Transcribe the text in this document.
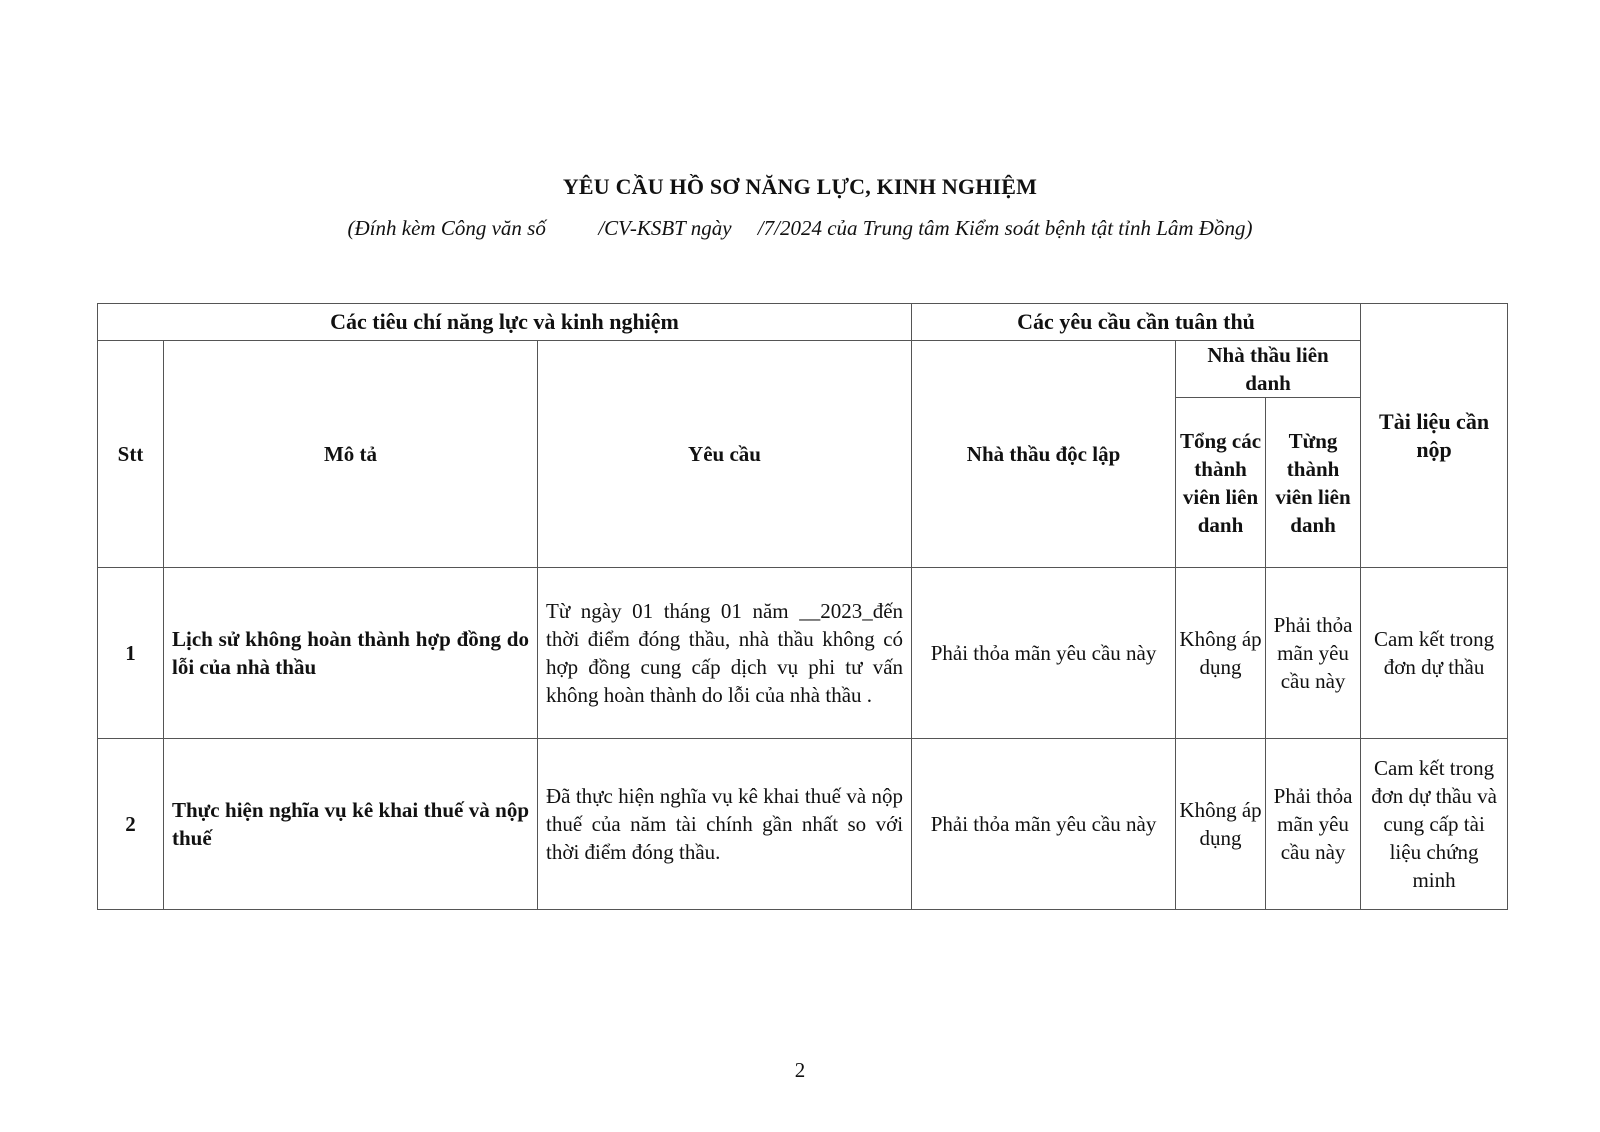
YÊU CẦU HỒ SƠ NĂNG LỰC, KINH NGHIỆM
(Đính kèm Công văn số          /CV-KSBT ngày     /7/2024 của Trung tâm Kiểm soát bệnh tật tỉnh Lâm Đồng)
Các tiêu chí năng lực và kinh nghiệm			Các yêu cầu cần tuân thủ			Tài liệu cần nộp
Stt	Mô tả	Yêu cầu	Nhà thầu độc lập	Nhà thầu liên danh		
				Tổng các thành viên liên danh	Từng thành viên liên danh	
1	Lịch sử không hoàn thành hợp đồng do lỗi của nhà thầu	Từ ngày 01 tháng 01 năm __2023_đến thời điểm đóng thầu, nhà thầu không có hợp đồng cung cấp dịch vụ phi tư vấn không hoàn thành do lỗi của nhà thầu .	Phải thỏa mãn yêu cầu này	Không áp dụng	Phải thỏa mãn yêu cầu này	Cam kết trong đơn dự thầu
2	Thực hiện nghĩa vụ kê khai thuế và nộp thuế	Đã thực hiện nghĩa vụ kê khai thuế và nộp thuế của năm tài chính gần nhất so với thời điểm đóng thầu.	Phải thỏa mãn yêu cầu này	Không áp dụng	Phải thỏa mãn yêu cầu này	Cam kết trong đơn dự thầu và cung cấp tài liệu chứng minh
2
